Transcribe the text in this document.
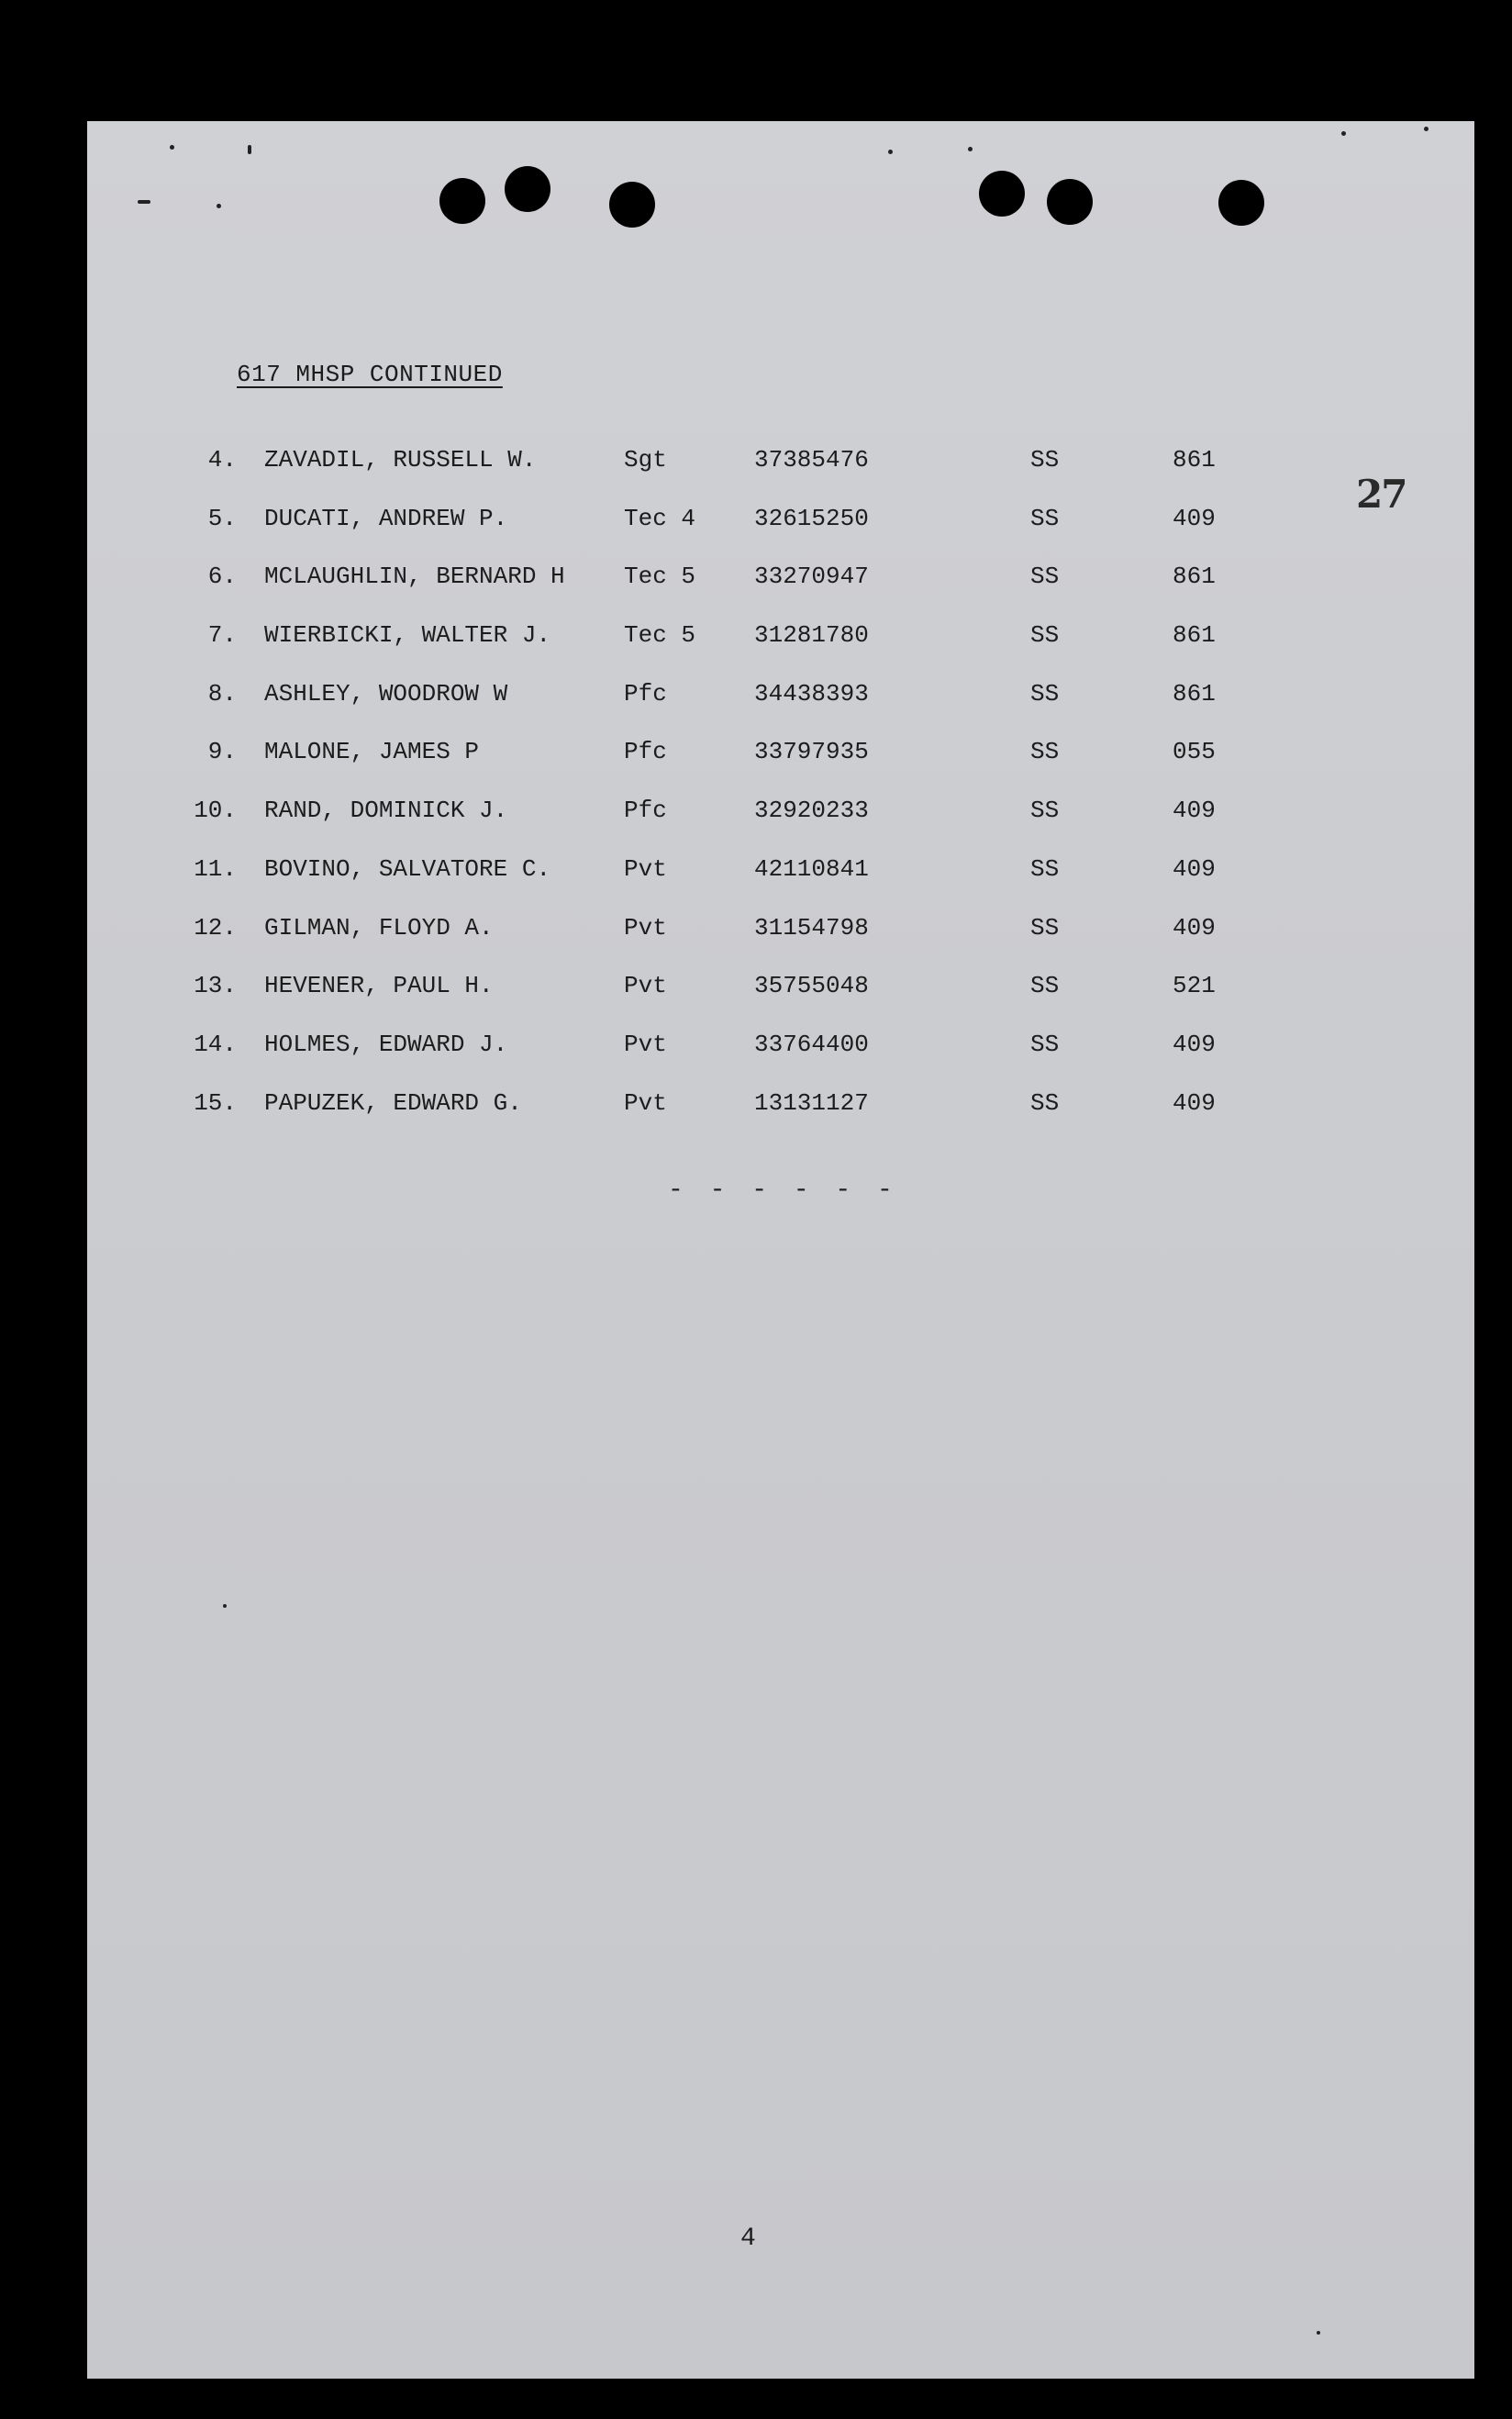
617 MHSP CONTINUED
27
4. ZAVADIL, RUSSELL W.	Sgt	37385476	SS	861
5. DUCATI, ANDREW P.	Tec 4 32615250	SS	409
6. MCLAUGHLIN, BERNARD H Tec 5 33270947	SS	861
7. WIERBICKI, WALTER J.	Tec 5 31281780	SS	861
8. ASHLEY, WOODROW W	Pfc	34438393	SS	861
9. MALONE, JAMES P	Pfc	33797935	SS	055
10. RAND, DOMINICK J.	Pfc	32920233	SS	409
11. BOVINO, SALVATORE C.	Pvt	42110841	SS	409
12. GILMAN, FLOYD A.	Pvt	31154798	SS	409
13. HEVENER, PAUL H.	Pvt	35755048	SS	521
14. HOLMES, EDWARD J.	Pvt	33764400	SS	409
15. PAPUZEK, EDWARD G.	Pvt	13131127	SS	409
- - - - - -
4
